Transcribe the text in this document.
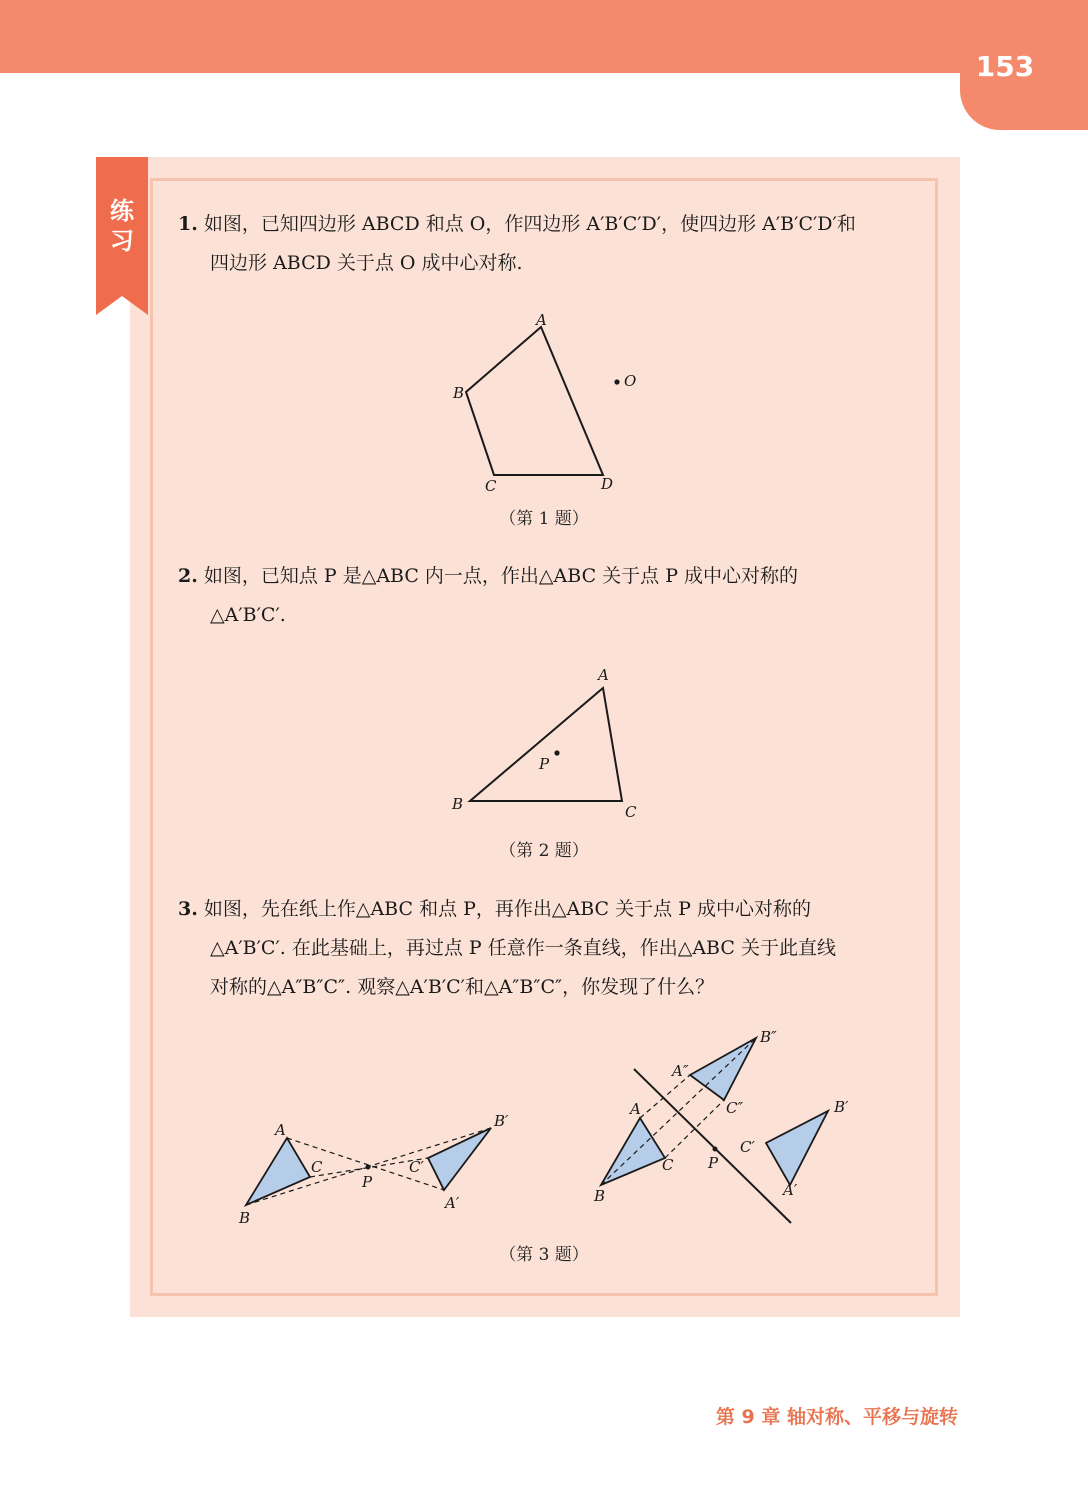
153
练习
1. 如图，已知四边形 ABCD 和点 O，作四边形 A′B′C′D′，使四边形 A′B′C′D′和
四边形 ABCD 关于点 O 成中心对称.
A
B
C	D
O
（第 1 题）
2. 如图，已知点 P 是△ABC 内一点，作出△ABC 关于点 P 成中心对称的
△A′B′C′.
A
B	C
P
（第 2 题）
3. 如图，先在纸上作△ABC 和点 P，再作出△ABC 关于点 P 成中心对称的
△A′B′C′. 在此基础上，再过点 P 任意作一条直线，作出△ABC 关于此直线
对称的△A″B″C″. 观察△A′B′C′和△A″B″C″，你发现了什么？
A
B
C
P
A′
B′
C′
A
B
C P
A″
B″
C″
A′
B′
C′
（第 3 题）
第 9 章 轴对称、平移与旋转
